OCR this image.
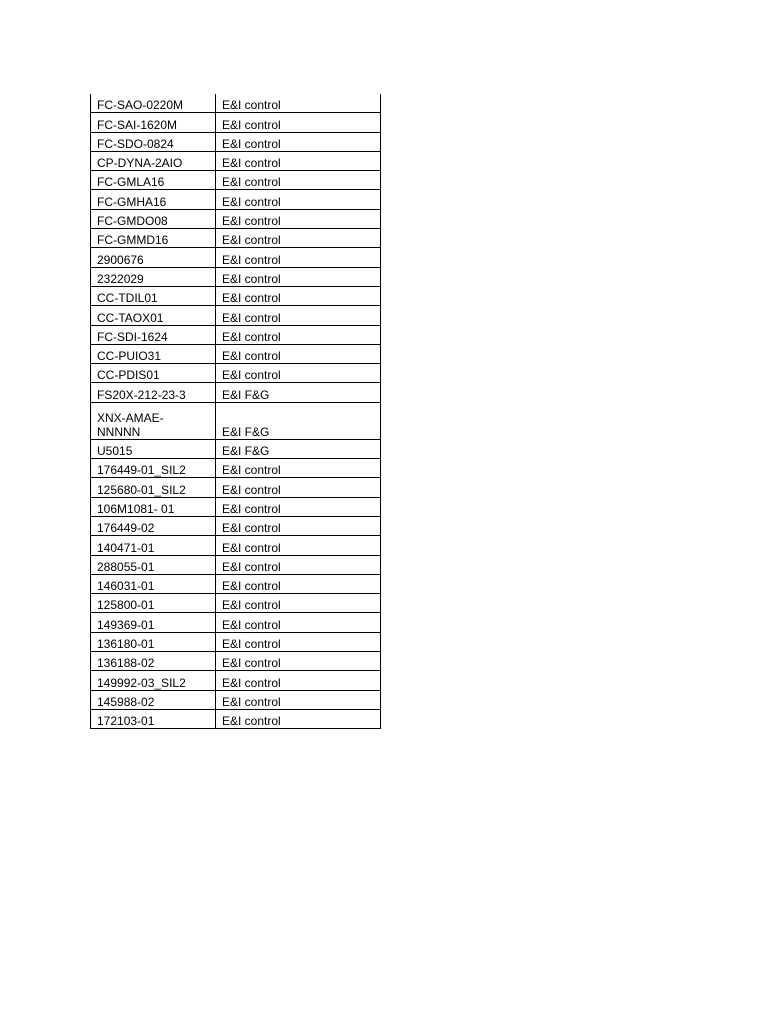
FC-SAO-0220M	E&I control
FC-SAI-1620M	E&I control
FC-SDO-0824	E&I control
CP-DYNA-2AIO	E&I control
FC-GMLA16	E&I control
FC-GMHA16	E&I control
FC-GMDO08	E&I control
FC-GMMD16	E&I control
2900676	E&I control
2322029	E&I control
CC-TDIL01	E&I control
CC-TAOX01	E&I control
FC-SDI-1624	E&I control
CC-PUIO31	E&I control
CC-PDIS01	E&I control
FS20X-212-23-3	E&I F&G

XNX-AMAE-
NNNNN	E&I F&G
U5015	E&I F&G
176449-01_SIL2	E&I control
125680-01_SIL2	E&I control
106M1081- 01	E&I control
176449-02	E&I control
140471-01	E&I control
288055-01	E&I control
146031-01	E&I control
125800-01	E&I control
149369-01	E&I control
136180-01	E&I control
136188-02	E&I control
149992-03_SIL2	E&I control
145988-02	E&I control
172103-01	E&I control
